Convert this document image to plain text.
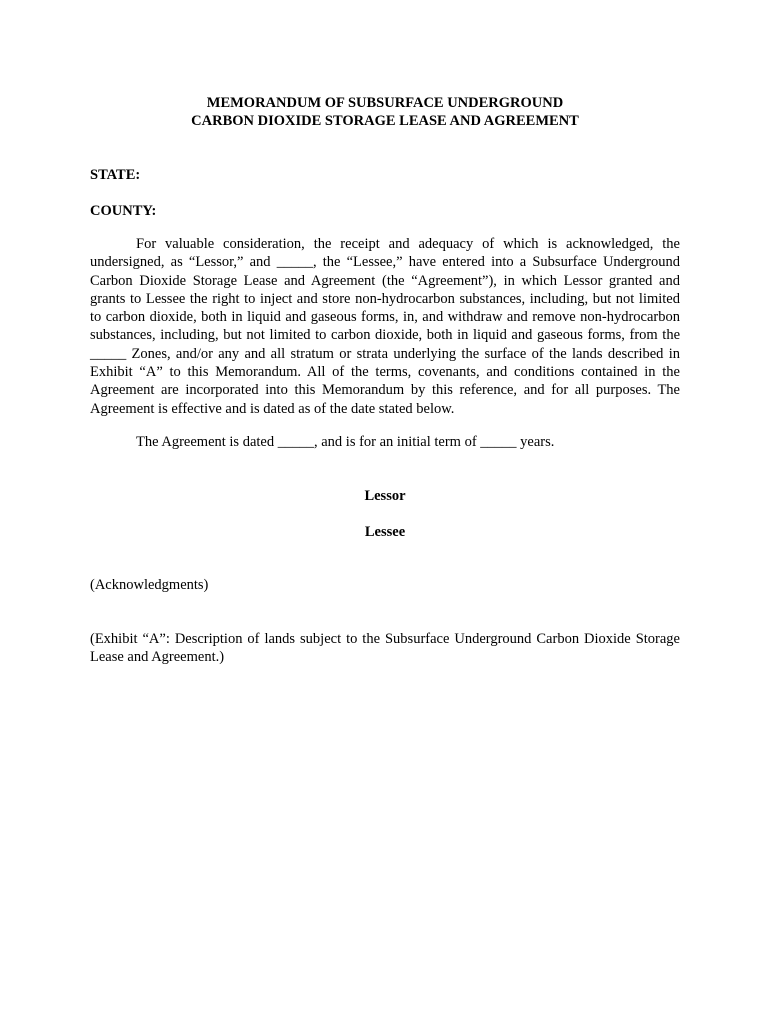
MEMORANDUM OF SUBSURFACE UNDERGROUND
CARBON DIOXIDE STORAGE LEASE AND AGREEMENT
STATE:
COUNTY:

For valuable consideration, the receipt and adequacy of which is acknowledged, the undersigned, as “Lessor,” and _____, the “Lessee,” have entered into a Subsurface Underground Carbon Dioxide Storage Lease and Agreement (the “Agreement”), in which Lessor granted and grants to Lessee the right to inject and store non-hydrocarbon substances, including, but not limited to carbon dioxide, both in liquid and gaseous forms, in, and withdraw and remove non-hydrocarbon substances, including, but not limited to carbon dioxide, both in liquid and gaseous forms, from the _____ Zones, and/or any and all stratum or strata underlying the surface of the lands described in Exhibit “A” to this Memorandum. All of the terms, covenants, and conditions contained in the Agreement are incorporated into this Memorandum by this reference, and for all purposes. The Agreement is effective and is dated as of the date stated below.

The Agreement is dated _____, and is for an initial term of _____ years.
Lessor
Lessee
(Acknowledgments)

(Exhibit “A”: Description of lands subject to the Subsurface Underground Carbon Dioxide Storage Lease and Agreement.)
